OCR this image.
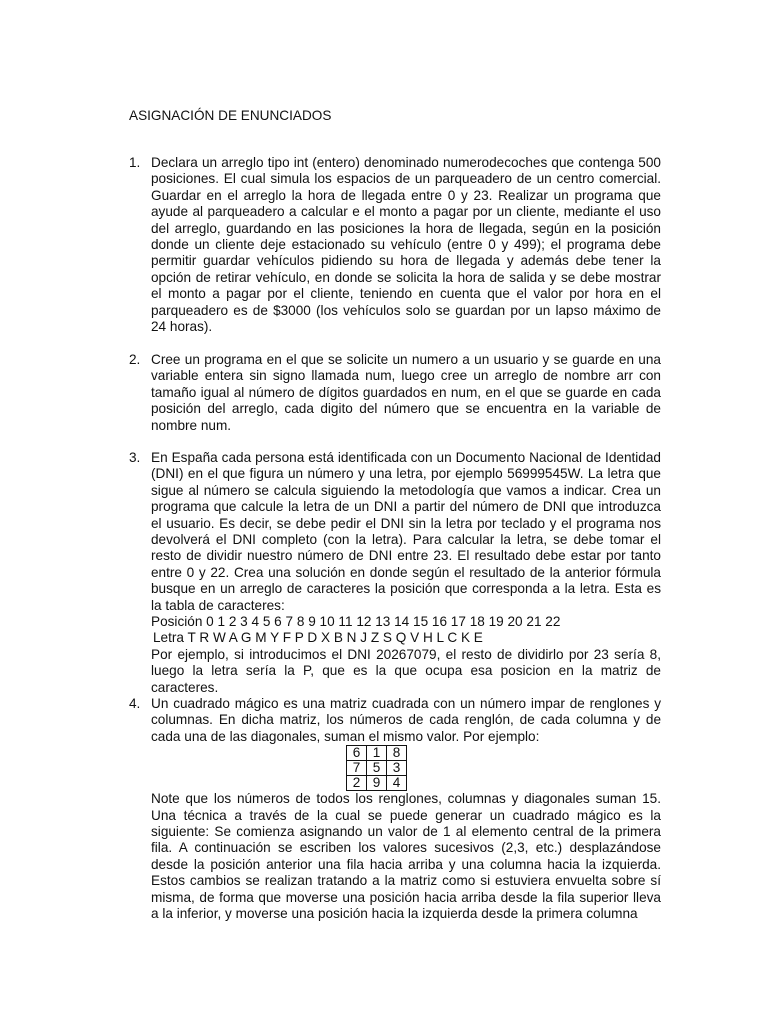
ASIGNACIÓN DE ENUNCIADOS
1. Declara un arreglo tipo int (entero) denominado numerodecoches que contenga 500 posiciones. El cual simula los espacios de un parqueadero de un centro comercial. Guardar en el arreglo la hora de llegada entre 0 y 23. Realizar un programa que ayude al parqueadero a calcular e el monto a pagar por un cliente, mediante el uso del arreglo, guardando en las posiciones la hora de llegada, según en la posición donde un cliente deje estacionado su vehículo (entre 0 y 499); el programa debe permitir guardar vehículos pidiendo su hora de llegada y además debe tener la opción de retirar vehículo, en donde se solicita la hora de salida y se debe mostrar el monto a pagar por el cliente, teniendo en cuenta que el valor por hora en el parqueadero es de $3000 (los vehículos solo se guardan por un lapso máximo de 24 horas).

2. Cree un programa en el que se solicite un numero a un usuario y se guarde en una variable entera sin signo llamada num, luego cree un arreglo de nombre arr con tamaño igual al número de dígitos guardados en num, en el que se guarde en cada posición del arreglo, cada digito del número que se encuentra en la variable de nombre num.

3. En España cada persona está identificada con un Documento Nacional de Identidad (DNI) en el que figura un número y una letra, por ejemplo 56999545W. La letra que sigue al número se calcula siguiendo la metodología que vamos a indicar. Crea un programa que calcule la letra de un DNI a partir del número de DNI que introduzca el usuario. Es decir, se debe pedir el DNI sin la letra por teclado y el programa nos devolverá el DNI completo (con la letra). Para calcular la letra, se debe tomar el resto de dividir nuestro número de DNI entre 23. El resultado debe estar por tanto entre 0 y 22. Crea una solución en donde según el resultado de la anterior fórmula busque en un arreglo de caracteres la posición que corresponda a la letra. Esta es la tabla de caracteres:

Posición 0 1 2 3 4 5 6 7 8 9 10 11 12 13 14 15 16 17 18 19 20 21 22
Letra T R W A G M Y F P D X B N J Z S Q V H L C K E

Por ejemplo, si introducimos el DNI 20267079, el resto de dividirlo por 23 sería 8, luego la letra sería la P, que es la que ocupa esa posicion en la matriz de caracteres.

4. Un cuadrado mágico es una matriz cuadrada con un número impar de renglones y columnas. En dicha matriz, los números de cada renglón, de cada columna y de cada una de las diagonales, suman el mismo valor. Por ejemplo:

6	1	8
7	5	3
2	9	4

Note que los números de todos los renglones, columnas y diagonales suman 15. Una técnica a través de la cual se puede generar un cuadrado mágico es la siguiente: Se comienza asignando un valor de 1 al elemento central de la primera fila. A continuación se escriben los valores sucesivos (2,3, etc.) desplazándose desde la posición anterior una fila hacia arriba y una columna hacia la izquierda. Estos cambios se realizan tratando a la matriz como si estuviera envuelta sobre sí misma, de forma que moverse una posición hacia arriba desde la fila superior lleva a la inferior, y moverse una posición hacia la izquierda desde la primera columna
